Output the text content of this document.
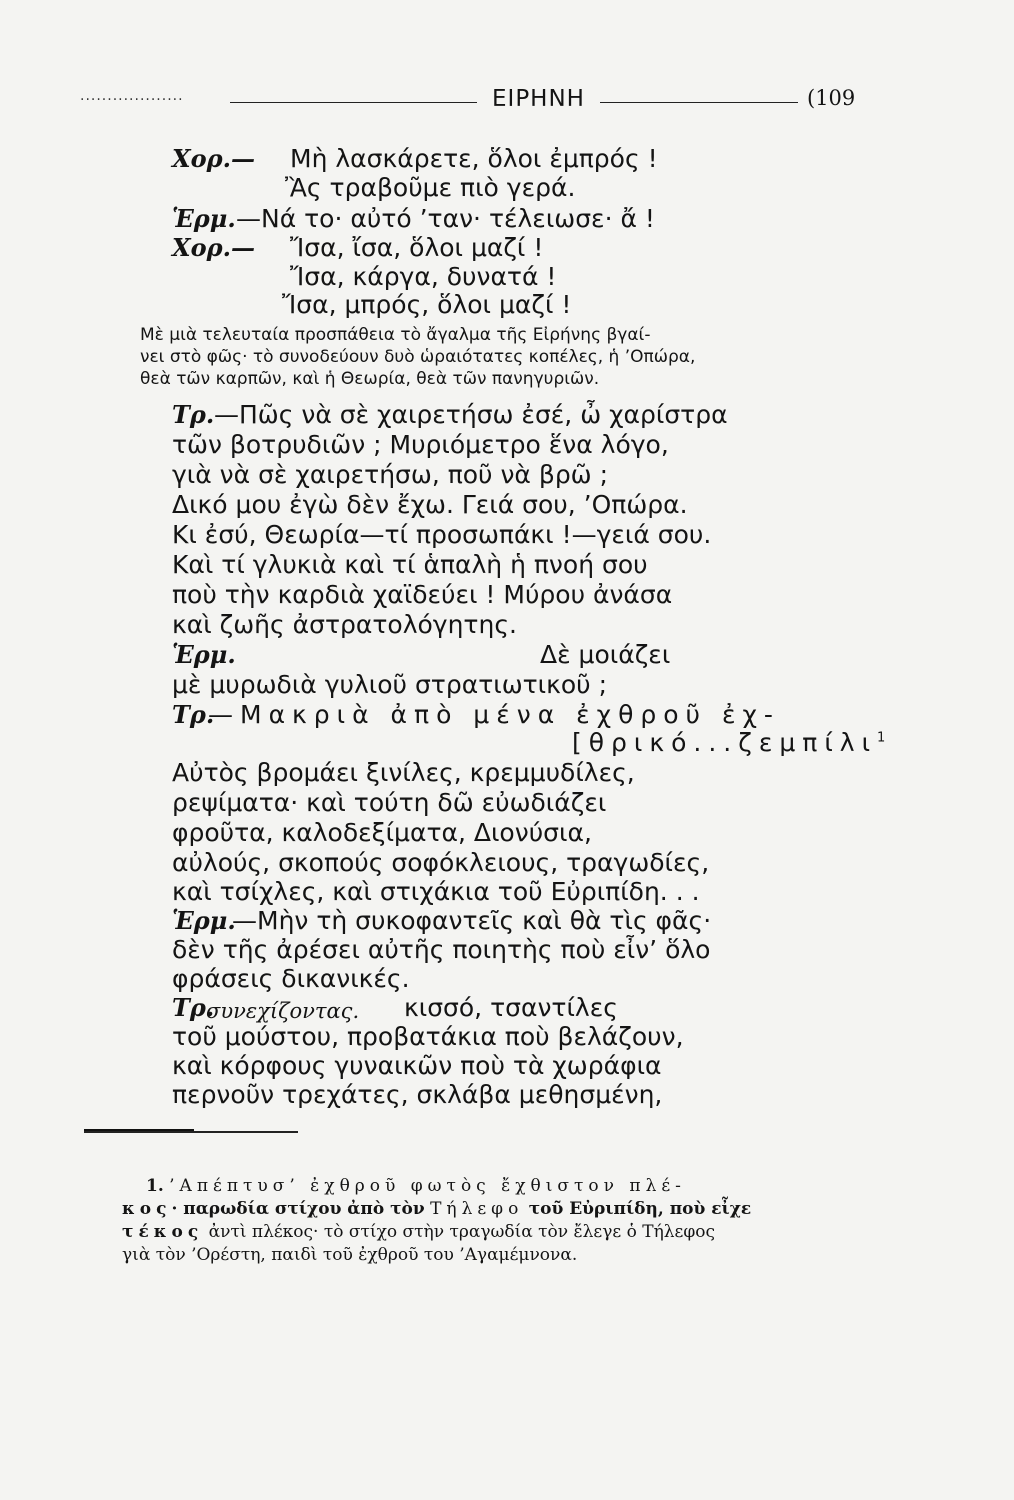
...................	ΕΙΡΗΝΗ	(109
Χορ.— Μὴ λασκάρετε, ὅλοι ἐμπρός !
Ἂς τραβοῦμε πιὸ γερά.
Ἑρμ. —Νά το· αὐτό ’ταν· τέλειωσε· ἄ !
Χορ.— Ἴσα, ἴσα, ὅλοι μαζί !
Ἴσα, κάργα, δυνατά !
Ἴσα, μπρός, ὅλοι μαζί !
Μὲ μιὰ τελευταία προσπάθεια τὸ ἄγαλμα τῆς Εἰρήνης βγαί-
νει στὸ φῶς· τὸ συνοδεύουν δυὸ ὡραιότατες κοπέλες, ἡ ’Οπώρα,
θεὰ τῶν καρπῶν, καὶ ἡ Θεωρία, θεὰ τῶν πανηγυριῶν.
Τρ. —Πῶς νὰ σὲ χαιρετήσω ἐσέ, ὦ χαρίστρα
τῶν βοτρυδιῶν ; Μυριόμετρο ἕνα λόγο,
γιὰ νὰ σὲ χαιρετήσω, ποῦ νὰ βρῶ ;
Δικό μου ἐγὼ δὲν ἔχω. Γειά σου, ’Οπώρα.
Κι ἐσύ, Θεωρία—τί προσωπάκι !—γειά σου.
Καὶ τί γλυκιὰ καὶ τί ἁπαλὴ ἡ πνοή σου
ποὺ τὴν καρδιὰ χαϊδεύει ! Μύρου ἀνάσα
καὶ ζωῆς ἀστρατολόγητης.
Ἑρμ.	Δὲ μοιάζει
μὲ μυρωδιὰ γυλιοῦ στρατιωτικοῦ ;
Τρ.
—Μακριὰ ἀπὸ μένα ἐχθροῦ ἐχ-
[θρικό...ζεμπίλι$^1$
Αὐτὸς βρομάει ξινίλες, κρεμμυδίλες,
ρεψίματα· καὶ τούτη δῶ εὐωδιάζει
φροῦτα, καλοδεξίματα, Διονύσια,
αὐλούς, σκοπούς σοφόκλειους, τραγωδίες,
καὶ τσίχλες, καὶ στιχάκια τοῦ Εὐριπίδη. . .
Ἑρμ.
—Μὴν τὴ συκοφαντεῖς καὶ θὰ τὶς φᾶς·
δὲν τῆς ἀρέσει αὐτῆς ποιητὴς ποὺ εἶν’ ὅλο
φράσεις δικανικές.
Τρ.
συνεχίζοντας. κισσό, τσαντίλες
τοῦ μούστου, προβατάκια ποὺ βελάζουν,
καὶ κόρφους γυναικῶν ποὺ τὰ χωράφια
περνοῦν τρεχάτες, σκλάβα μεθησμένη,
1. ’Απέπτυσ’ ἐχθροῦ φωτὸς ἔχθιστον πλέ-
κος· παρωδία στίχου ἀπὸ τὸν Τήλεφο τοῦ Εὐριπίδη, ποὺ εἶχε
τέκος ἀντὶ πλέκος· τὸ στίχο στὴν τραγωδία τὸν ἔλεγε ὁ Τήλεφος
γιὰ τὸν ’Ορέστη, παιδὶ τοῦ ἐχθροῦ του ’Αγαμέμνονα.
